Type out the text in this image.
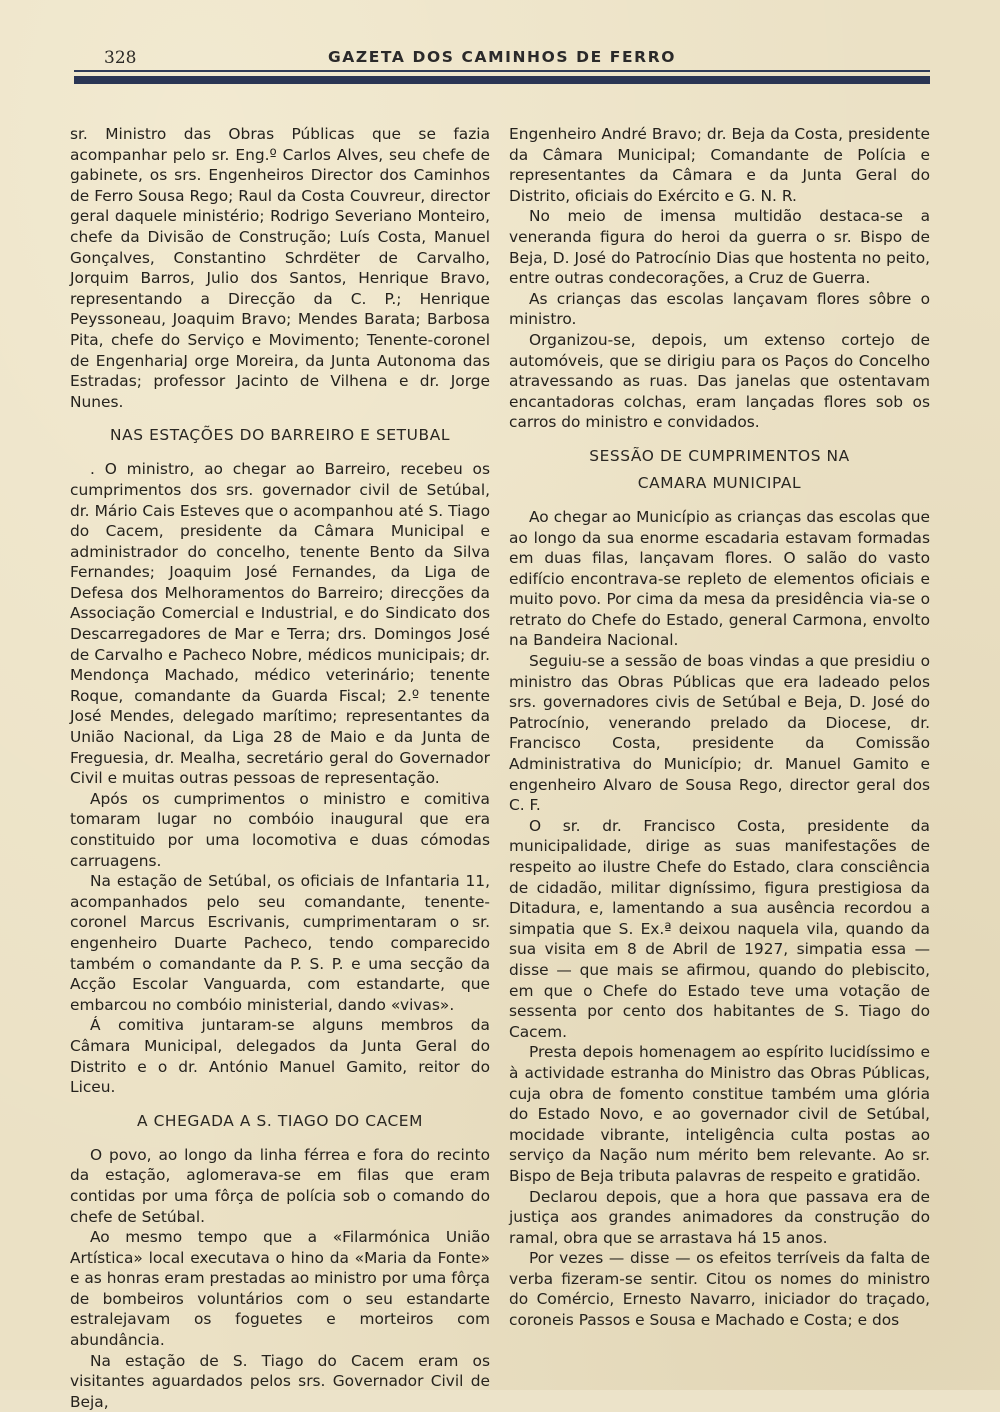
328	GAZETA DOS CAMINHOS DE FERRO

sr. Ministro das Obras Públicas que se fazia acompanhar pelo sr. Eng.º Carlos Alves, seu chefe de gabinete, os srs. Engenheiros Director dos Caminhos de Ferro Sousa Rego; Raul da Costa Couvreur, director geral daquele ministério; Rodrigo Severiano Monteiro, chefe da Divisão de Construção; Luís Costa, Manuel Gonçalves, Constantino Schrdëter de Carvalho, Jorquim Barros, Julio dos Santos, Henrique Bravo, representando a Direcção da C. P.; Henrique Peyssoneau, Joaquim Bravo; Mendes Barata; Barbosa Pita, chefe do Serviço e Movimento; Tenente-coronel de EngenhariaJ orge Moreira, da Junta Autonoma das Estradas; professor Jacinto de Vilhena e dr. Jorge Nunes.

NAS ESTAÇÕES DO BARREIRO E SETUBAL

. O ministro, ao chegar ao Barreiro, recebeu os cumprimentos dos srs. governador civil de Setúbal, dr. Mário Cais Esteves que o acompanhou até S. Tiago do Cacem, presidente da Câmara Municipal e administrador do concelho, tenente Bento da Silva Fernandes; Joaquim José Fernandes, da Liga de Defesa dos Melhoramentos do Barreiro; direcções da Associação Comercial e Industrial, e do Sindicato dos Descarregadores de Mar e Terra; drs. Domingos José de Carvalho e Pacheco Nobre, médicos municipais; dr. Mendonça Machado, médico veterinário; tenente Roque, comandante da Guarda Fiscal; 2.º tenente José Mendes, delegado marítimo; representantes da União Nacional, da Liga 28 de Maio e da Junta de Freguesia, dr. Mealha, secretário geral do Governador Civil e muitas outras pessoas de representação.

Após os cumprimentos o ministro e comitiva tomaram lugar no combóio inaugural que era constituido por uma locomotiva e duas cómodas carruagens.

Na estação de Setúbal, os oficiais de Infantaria 11, acompanhados pelo seu comandante, tenente-coronel Marcus Escrivanis, cumprimentaram o sr. engenheiro Duarte Pacheco, tendo comparecido também o comandante da P. S. P. e uma secção da Acção Escolar Vanguarda, com estandarte, que embarcou no combóio ministerial, dando «vivas».

Á comitiva juntaram-se alguns membros da Câmara Municipal, delegados da Junta Geral do Distrito e o dr. António Manuel Gamito, reitor do Liceu.

A CHEGADA A S. TIAGO DO CACEM

O povo, ao longo da linha férrea e fora do recinto da estação, aglomerava-se em filas que eram contidas por uma fôrça de polícia sob o comando do chefe de Setúbal.

Ao mesmo tempo que a «Filarmónica União Artística» local executava o hino da «Maria da Fonte» e as honras eram prestadas ao ministro por uma fôrça de bombeiros voluntários com o seu estandarte estralejavam os foguetes e morteiros com abundância.

Na estação de S. Tiago do Cacem eram os visitantes aguardados pelos srs. Governador Civil de Beja,

Engenheiro André Bravo; dr. Beja da Costa, presidente da Câmara Municipal; Comandante de Polícia e representantes da Câmara e da Junta Geral do Distrito, oficiais do Exército e G. N. R.

No meio de imensa multidão destaca-se a veneranda figura do heroi da guerra o sr. Bispo de Beja, D. José do Patrocínio Dias que hostenta no peito, entre outras condecorações, a Cruz de Guerra.

As crianças das escolas lançavam flores sôbre o ministro.

Organizou-se, depois, um extenso cortejo de automóveis, que se dirigiu para os Paços do Concelho atravessando as ruas. Das janelas que ostentavam encantadoras colchas, eram lançadas flores sob os carros do ministro e convidados.

SESSÃO DE CUMPRIMENTOS NA
CAMARA MUNICIPAL

Ao chegar ao Município as crianças das escolas que ao longo da sua enorme escadaria estavam formadas em duas filas, lançavam flores. O salão do vasto edifício encontrava-se repleto de elementos oficiais e muito povo. Por cima da mesa da presidência via-se o retrato do Chefe do Estado, general Carmona, envolto na Bandeira Nacional.

Seguiu-se a sessão de boas vindas a que presidiu o ministro das Obras Públicas que era ladeado pelos srs. governadores civis de Setúbal e Beja, D. José do Patrocínio, venerando prelado da Diocese, dr. Francisco Costa, presidente da Comissão Administrativa do Município; dr. Manuel Gamito e engenheiro Alvaro de Sousa Rego, director geral dos C. F.

O sr. dr. Francisco Costa, presidente da municipalidade, dirige as suas manifestações de respeito ao ilustre Chefe do Estado, clara consciência de cidadão, militar digníssimo, figura prestigiosa da Ditadura, e, lamentando a sua ausência recordou a simpatia que S. Ex.ª deixou naquela vila, quando da sua visita em 8 de Abril de 1927, simpatia essa — disse — que mais se afirmou, quando do plebiscito, em que o Chefe do Estado teve uma votação de sessenta por cento dos habitantes de S. Tiago do Cacem.

Presta depois homenagem ao espírito lucidíssimo e à actividade estranha do Ministro das Obras Públicas, cuja obra de fomento constitue também uma glória do Estado Novo, e ao governador civil de Setúbal, mocidade vibrante, inteligência culta postas ao serviço da Nação num mérito bem relevante. Ao sr. Bispo de Beja tributa palavras de respeito e gratidão.

Declarou depois, que a hora que passava era de justiça aos grandes animadores da construção do ramal, obra que se arrastava há 15 anos.

Por vezes — disse — os efeitos terríveis da falta de verba fizeram-se sentir. Citou os nomes do ministro do Comércio, Ernesto Navarro, iniciador do traçado, coroneis Passos e Sousa e Machado e Costa; e dos
